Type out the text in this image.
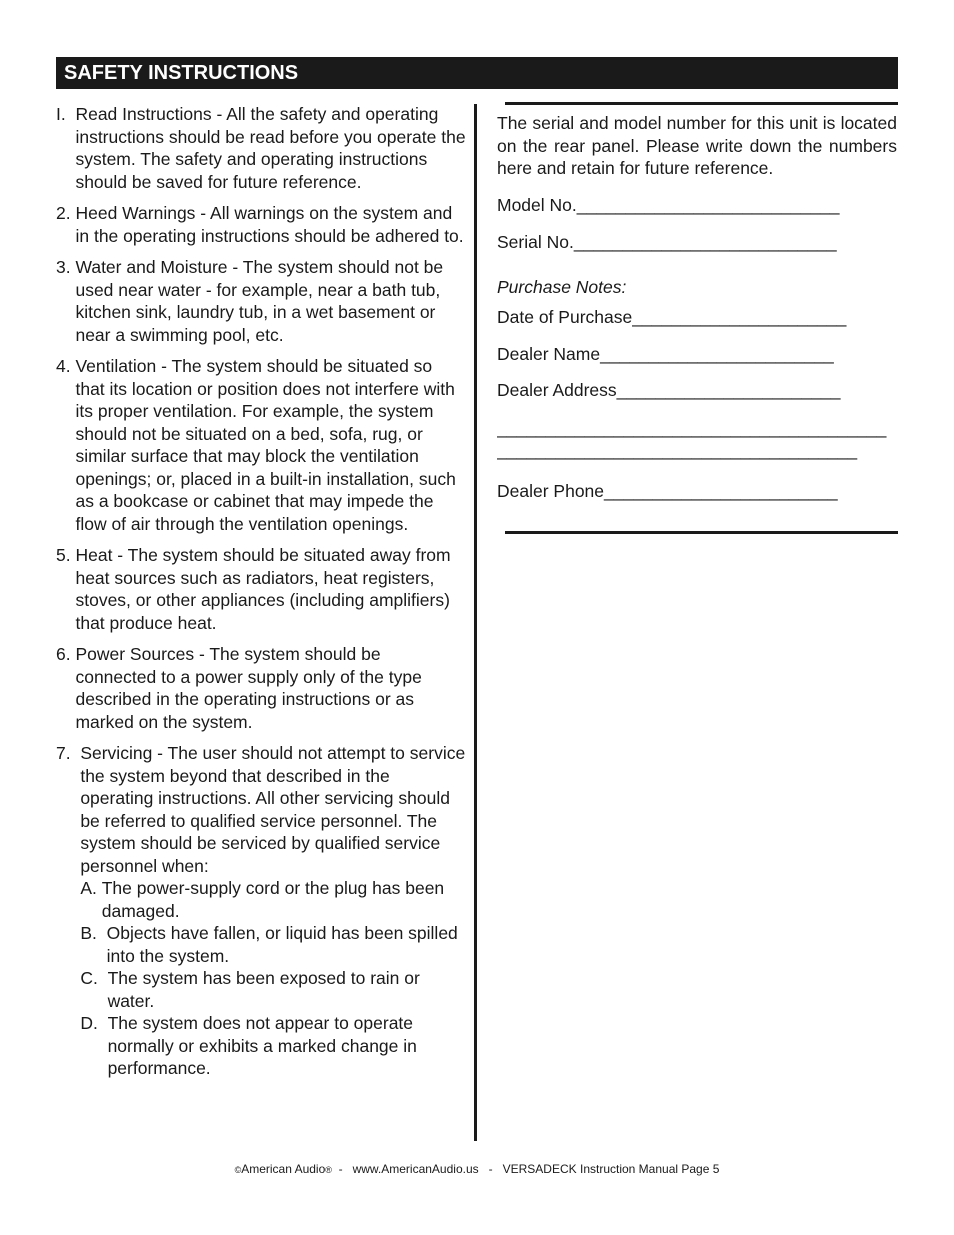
SAFETY INSTRUCTIONS
I. Read Instructions - All the safety and operating instructions should be read before you operate the system. The safety and operating instructions should be saved for future reference.
2. Heed Warnings - All warnings on the system and in the operating instructions should be adhered to.
3. Water and Moisture - The system should not be used near water - for example, near a bath tub, kitchen sink, laundry tub, in a wet basement or near a swimming pool, etc.
4. Ventilation - The system should be situated so that its location or position does not interfere with its proper ventilation. For example, the system should not be situated on a bed, sofa, rug, or similar surface that may block the ventilation openings; or, placed in a built-in installation, such as a bookcase or cabinet that may impede the flow of air through the ventilation openings.
5. Heat - The system should be situated away from heat sources such as radiators, heat registers, stoves, or other appliances (including amplifiers) that produce heat.
6. Power Sources - The system should be connected to a power supply only of the type described in the operating instructions or as marked on the system.
7. Servicing - The user should not attempt to service the system beyond that described in the operating instructions. All other servicing should be referred to qualified service personnel. The system should be serviced by qualified service personnel when:
A. The power-supply cord or the plug has been damaged.
B. Objects have fallen, or liquid has been spilled into the system.
C. The system has been exposed to rain or water.
D. The system does not appear to operate normally or exhibits a marked change in performance.
The serial and model number for this unit is located on the rear panel. Please write down the numbers here and retain for future reference.
Model No.___________________________
Serial No.___________________________
Purchase Notes:
Date of Purchase______________________
Dealer Name________________________
Dealer Address_______________________
________________________________________
_____________________________________
Dealer Phone________________________
©American Audio®  -   www.AmericanAudio.us   -   VERSADECK Instruction Manual Page 5
